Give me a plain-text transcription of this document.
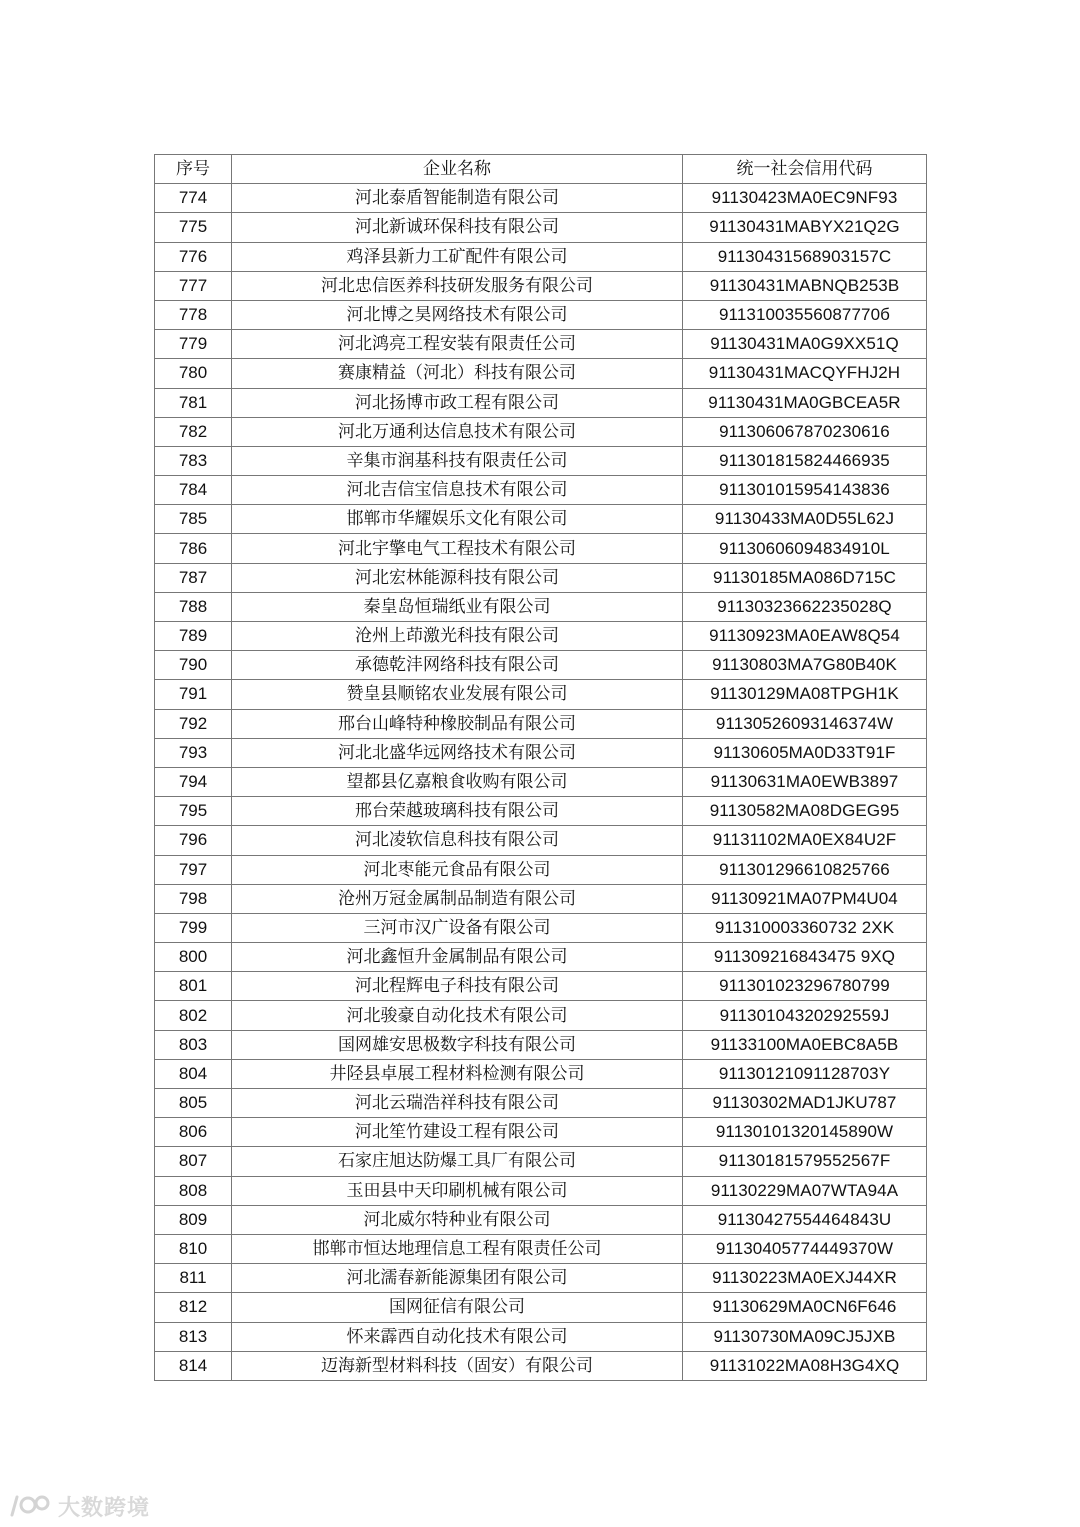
序号	企业名称	统一社会信用代码
774	河北泰盾智能制造有限公司	91130423MA0EC9NF93
775	河北新诚环保科技有限公司	91130431MABYX21Q2G
776	鸡泽县新力工矿配件有限公司	91130431568903157C
777	河北忠信医养科技研发服务有限公司	91130431MABNQB253B
778	河北博之昊网络技术有限公司	91131003556087770б
779	河北鸿亮工程安装有限责任公司	91130431MA0G9XX51Q
780	赛康精益（河北）科技有限公司	91130431MACQYFHJ2H
781	河北扬博市政工程有限公司	91130431MA0GBCEA5R
782	河北万通利达信息技术有限公司	911306067870230616
783	辛集市润基科技有限责任公司	911301815824466935
784	河北吉信宝信息技术有限公司	911301015954143836
785	邯郸市华耀娱乐文化有限公司	91130433MA0D55L62J
786	河北宇擎电气工程技术有限公司	91130606094834910L
787	河北宏林能源科技有限公司	91130185MA086D715C
788	秦皇岛恒瑞纸业有限公司	91130323662235028Q
789	沧州上茚激光科技有限公司	91130923MA0EAW8Q54
790	承德乾沣网络科技有限公司	91130803MA7G80B40K
791	赞皇县顺铭农业发展有限公司	91130129MA08TPGH1K
792	邢台山峰特种橡胶制品有限公司	91130526093146374W
793	河北北盛华远网络技术有限公司	91130605MA0D33T91F
794	望都县亿嘉粮食收购有限公司	91130631MA0EWB3897
795	邢台荣越玻璃科技有限公司	91130582MA08DGEG95
796	河北凌软信息科技有限公司	91131102MA0EX84U2F
797	河北枣能元食品有限公司	911301296610825766
798	沧州万冠金属制品制造有限公司	91130921MA07PM4U04
799	三河市汉广设备有限公司	911310003360732 2XK
800	河北鑫恒升金属制品有限公司	911309216843475 9XQ
801	河北程辉电子科技有限公司	911301023296780799
802	河北骏豪自动化技术有限公司	91130104320292559J
803	国网雄安思极数字科技有限公司	91133100MA0EBC8A5B
804	井陉县卓展工程材料检测有限公司	91130121091128703Y
805	河北云瑞浩祥科技有限公司	91130302MAD1JKU787
806	河北笙竹建设工程有限公司	91130101320145890W
807	石家庄旭达防爆工具厂有限公司	91130181579552567F
808	玉田县中天印刷机械有限公司	91130229MA07WTA94A
809	河北威尔特种业有限公司	91130427554464843U
810	邯郸市恒达地理信息工程有限责任公司	91130405774449370W
811	河北濡春新能源集团有限公司	91130223MA0EXJ44XR
812	国网征信有限公司	91130629MA0CN6F646
813	怀来霹西自动化技术有限公司	91130730MA09CJ5JXB
814	迈海新型材料科技（固安）有限公司	91131022MA08H3G4XQ
大数跨境
